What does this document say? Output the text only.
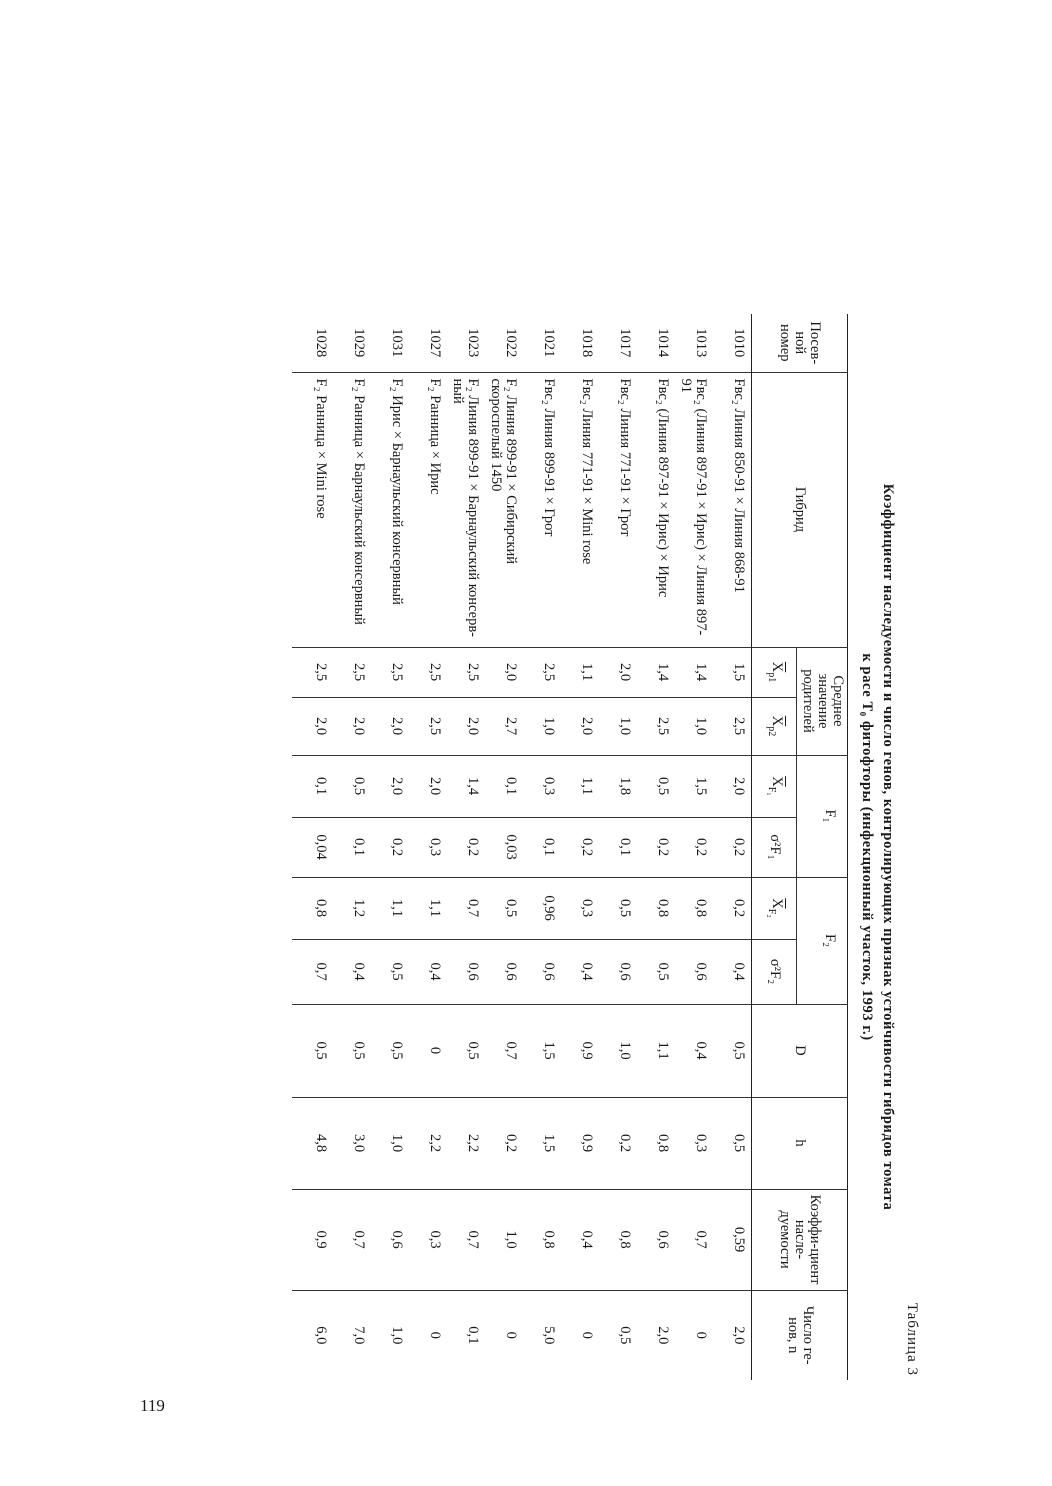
Таблица 3
Коэффициент наследуемости и число генов, контролирующих признак устойчивости гибридов томата
к расе T₀ фитофторы (инфекционный участок, 1993 г.)
Посев-ной номер	Гибрид	Среднее значение родителей		F₁		F₂		D	h	Коэффи-циент насле-дуемости	Число ге-нов, n

		$\overline{X}_{p1}$	$\overline{X}_{p2}$	$\overline{X}_{F_1}$	σ²F₁	$\overline{X}_{F_2}$	σ²F₂				
1010	Fвс₂ Линия 850-91 × Линия 868-91	1,5	2,5	2,0	0,2	0,2	0,4	0,5	0,5	0,59	2,0
1013	Fвс₂ (Линия 897-91 × Ирис) × Линия 897-91	1,4	1,0	1,5	0,2	0,8	0,6	0,4	0,3	0,7	0
1014	Fвс₂ (Линия 897-91 × Ирис) × Ирис	1,4	2,5	0,5	0,2	0,8	0,5	1,1	0,8	0,6	2,0
1017	Fвс₂ Линия 771-91 × Грот	2,0	1,0	1,8	0,1	0,5	0,6	1,0	0,2	0,8	0,5
1018	Fвс₂ Линия 771-91 × Mini rose	1,1	2,0	1,1	0,2	0,3	0,4	0,9	0,9	0,4	0
1021	Fвс₂ Линия 899-91 × Грот	2,5	1,0	0,3	0,1	0,96	0,6	1,5	1,5	0,8	5,0
1022	F₂ Линия 899-91 × Сибирский скороспелый 1450	2,0	2,7	0,1	0,03	0,5	0,6	0,7	0,2	1,0	0
1023	F₂ Линия 899-91 × Барнаульский консерв-ный	2,5	2,0	1,4	0,2	0,7	0,6	0,5	2,2	0,7	0,1
1027	F₂ Ранница × Ирис	2,5	2,5	2,0	0,3	1,1	0,4	0	2,2	0,3	0
1031	F₂ Ирис × Барнаульский консервный	2,5	2,0	2,0	0,2	1,1	0,5	0,5	1,0	0,6	1,0
1029	F₂ Ранница × Барнаульский консервный	2,5	2,0	0,5	0,1	1,2	0,4	0,5	3,0	0,7	7,0
1028	F₂ Ранница × Mini rose	2,5	2,0	0,1	0,04	0,8	0,7	0,5	4,8	0,9	6,0
119
